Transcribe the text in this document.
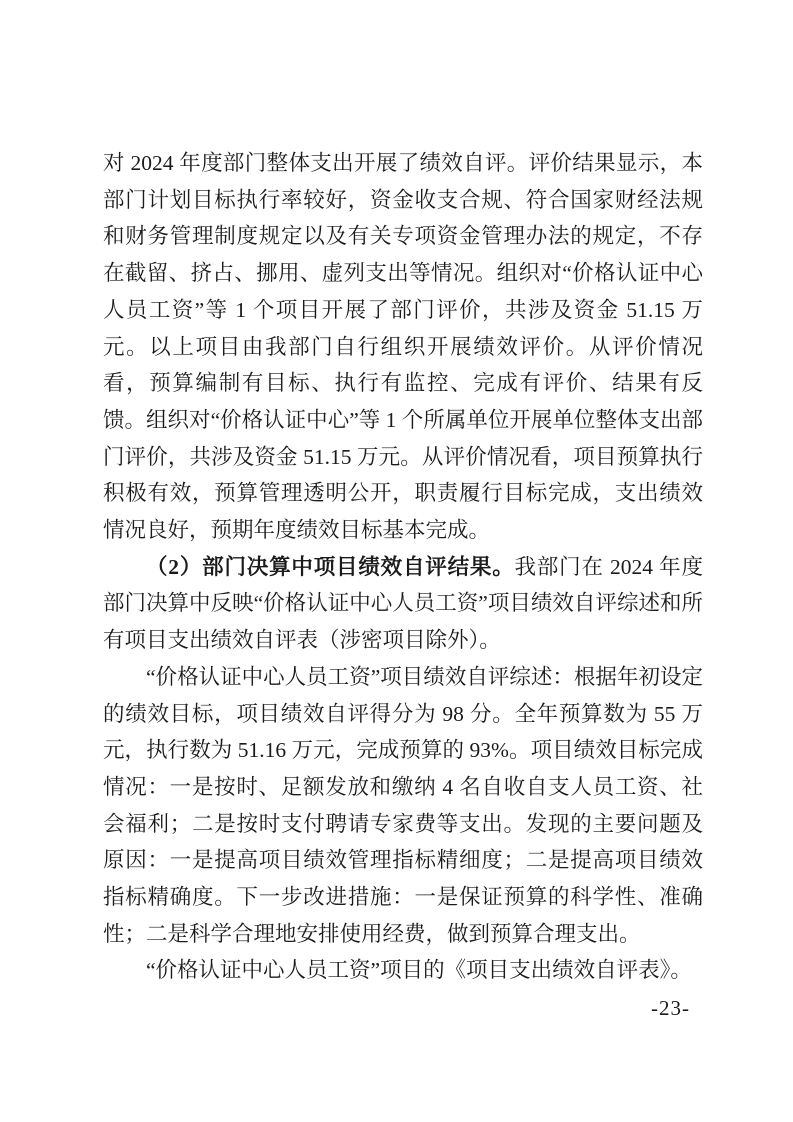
对 2024 年度部门整体支出开展了绩效自评。评价结果显示，本部门计划目标执行率较好，资金收支合规、符合国家财经法规和财务管理制度规定以及有关专项资金管理办法的规定，不存在截留、挤占、挪用、虚列支出等情况。组织对“价格认证中心人员工资”等 1 个项目开展了部门评价，共涉及资金 51.15 万元。以上项目由我部门自行组织开展绩效评价。从评价情况看，预算编制有目标、执行有监控、完成有评价、结果有反馈。组织对“价格认证中心”等 1 个所属单位开展单位整体支出部门评价，共涉及资金 51.15 万元。从评价情况看，项目预算执行积极有效，预算管理透明公开，职责履行目标完成，支出绩效情况良好，预期年度绩效目标基本完成。

（2）部门决算中项目绩效自评结果。我部门在 2024 年度部门决算中反映“价格认证中心人员工资”项目绩效自评综述和所有项目支出绩效自评表（涉密项目除外）。

“价格认证中心人员工资”项目绩效自评综述：根据年初设定的绩效目标，项目绩效自评得分为 98 分。全年预算数为 55 万元，执行数为 51.16 万元，完成预算的 93%。项目绩效目标完成情况：一是按时、足额发放和缴纳 4 名自收自支人员工资、社会福利；二是按时支付聘请专家费等支出。发现的主要问题及原因：一是提高项目绩效管理指标精细度；二是提高项目绩效指标精确度。下一步改进措施：一是保证预算的科学性、准确性；二是科学合理地安排使用经费，做到预算合理支出。

“价格认证中心人员工资”项目的《项目支出绩效自评表》。

-23-
